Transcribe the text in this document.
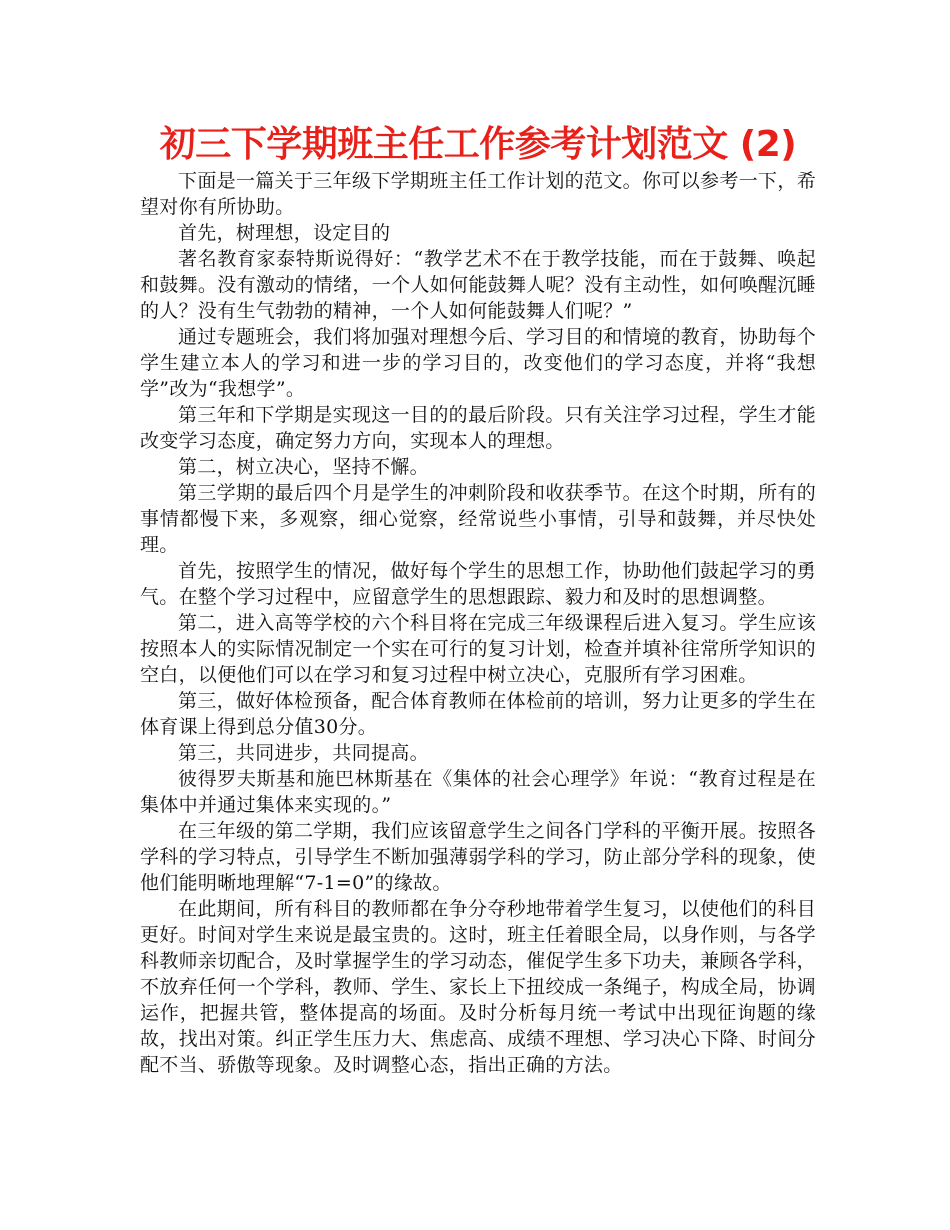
初三下学期班主任工作参考计划范文 (2)

下面是一篇关于三年级下学期班主任工作计划的范文。你可以参考一下，希望对你有所协助。

首先，树理想，设定目的

著名教育家泰特斯说得好：“教学艺术不在于教学技能，而在于鼓舞、唤起和鼓舞。没有激动的情绪，一个人如何能鼓舞人呢？没有主动性，如何唤醒沉睡的人？没有生气勃勃的精神，一个人如何能鼓舞人们呢？”

通过专题班会，我们将加强对理想今后、学习目的和情境的教育，协助每个学生建立本人的学习和进一步的学习目的，改变他们的学习态度，并将“我想学”改为“我想学”。

第三年和下学期是实现这一目的的最后阶段。只有关注学习过程，学生才能改变学习态度，确定努力方向，实现本人的理想。

第二，树立决心，坚持不懈。

第三学期的最后四个月是学生的冲刺阶段和收获季节。在这个时期，所有的事情都慢下来，多观察，细心觉察，经常说些小事情，引导和鼓舞，并尽快处理。

首先，按照学生的情况，做好每个学生的思想工作，协助他们鼓起学习的勇气。在整个学习过程中，应留意学生的思想跟踪、毅力和及时的思想调整。

第二，进入高等学校的六个科目将在完成三年级课程后进入复习。学生应该按照本人的实际情况制定一个实在可行的复习计划，检查并填补往常所学知识的空白，以便他们可以在学习和复习过程中树立决心，克服所有学习困难。

第三，做好体检预备，配合体育教师在体检前的培训，努力让更多的学生在体育课上得到总分值30分。

第三，共同进步，共同提高。

彼得罗夫斯基和施巴林斯基在《集体的社会心理学》年说：“教育过程是在集体中并通过集体来实现的。”

在三年级的第二学期，我们应该留意学生之间各门学科的平衡开展。按照各学科的学习特点，引导学生不断加强薄弱学科的学习，防止部分学科的现象，使他们能明晰地理解“7-1=0”的缘故。

在此期间，所有科目的教师都在争分夺秒地带着学生复习，以使他们的科目更好。时间对学生来说是最宝贵的。这时，班主任着眼全局，以身作则，与各学科教师亲切配合，及时掌握学生的学习动态，催促学生多下功夫，兼顾各学科，不放弃任何一个学科，教师、学生、家长上下扭绞成一条绳子，构成全局，协调运作，把握共管，整体提高的场面。及时分析每月统一考试中出现征询题的缘故，找出对策。纠正学生压力大、焦虑高、成绩不理想、学习决心下降、时间分配不当、骄傲等现象。及时调整心态，指出正确的方法。
